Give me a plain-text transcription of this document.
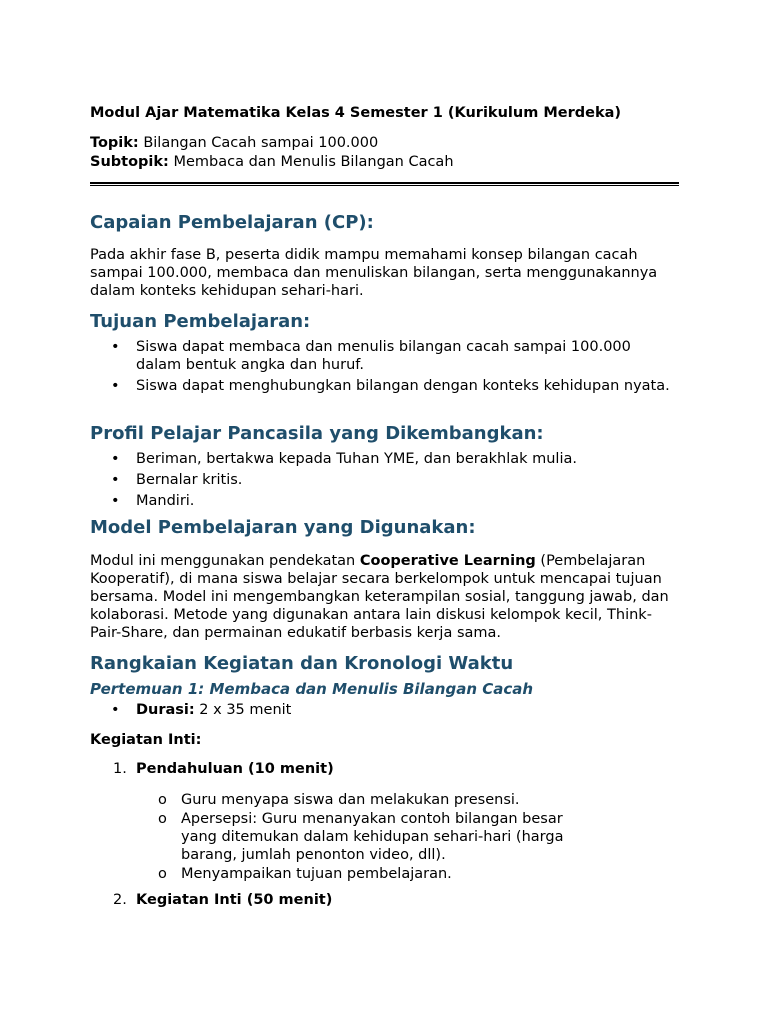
Modul Ajar Matematika Kelas 4 Semester 1 (Kurikulum Merdeka)
Topik: Bilangan Cacah sampai 100.000
Subtopik: Membaca dan Menulis Bilangan Cacah
Capaian Pembelajaran (CP):

Pada akhir fase B, peserta didik mampu memahami konsep bilangan cacah sampai 100.000, membaca dan menuliskan bilangan, serta menggunakannya dalam konteks kehidupan sehari-hari.

Tujuan Pembelajaran:
• Siswa dapat membaca dan menulis bilangan cacah sampai 100.000 dalam bentuk angka dan huruf.
• Siswa dapat menghubungkan bilangan dengan konteks kehidupan nyata.
Profil Pelajar Pancasila yang Dikembangkan:
• Beriman, bertakwa kepada Tuhan YME, dan berakhlak mulia.
• Bernalar kritis.
• Mandiri.
Model Pembelajaran yang Digunakan:

Modul ini menggunakan pendekatan Cooperative Learning (Pembelajaran Kooperatif), di mana siswa belajar secara berkelompok untuk mencapai tujuan bersama. Model ini mengembangkan keterampilan sosial, tanggung jawab, dan kolaborasi. Metode yang digunakan antara lain diskusi kelompok kecil, Think-Pair-Share, dan permainan edukatif berbasis kerja sama.

Rangkaian Kegiatan dan Kronologi Waktu
Pertemuan 1: Membaca dan Menulis Bilangan Cacah
• Durasi: 2 x 35 menit
Kegiatan Inti:
1. Pendahuluan (10 menit)
o Guru menyapa siswa dan melakukan presensi.
o Apersepsi: Guru menanyakan contoh bilangan besar yang ditemukan dalam kehidupan sehari-hari (harga barang, jumlah penonton video, dll).
o Menyampaikan tujuan pembelajaran.
2. Kegiatan Inti (50 menit)
